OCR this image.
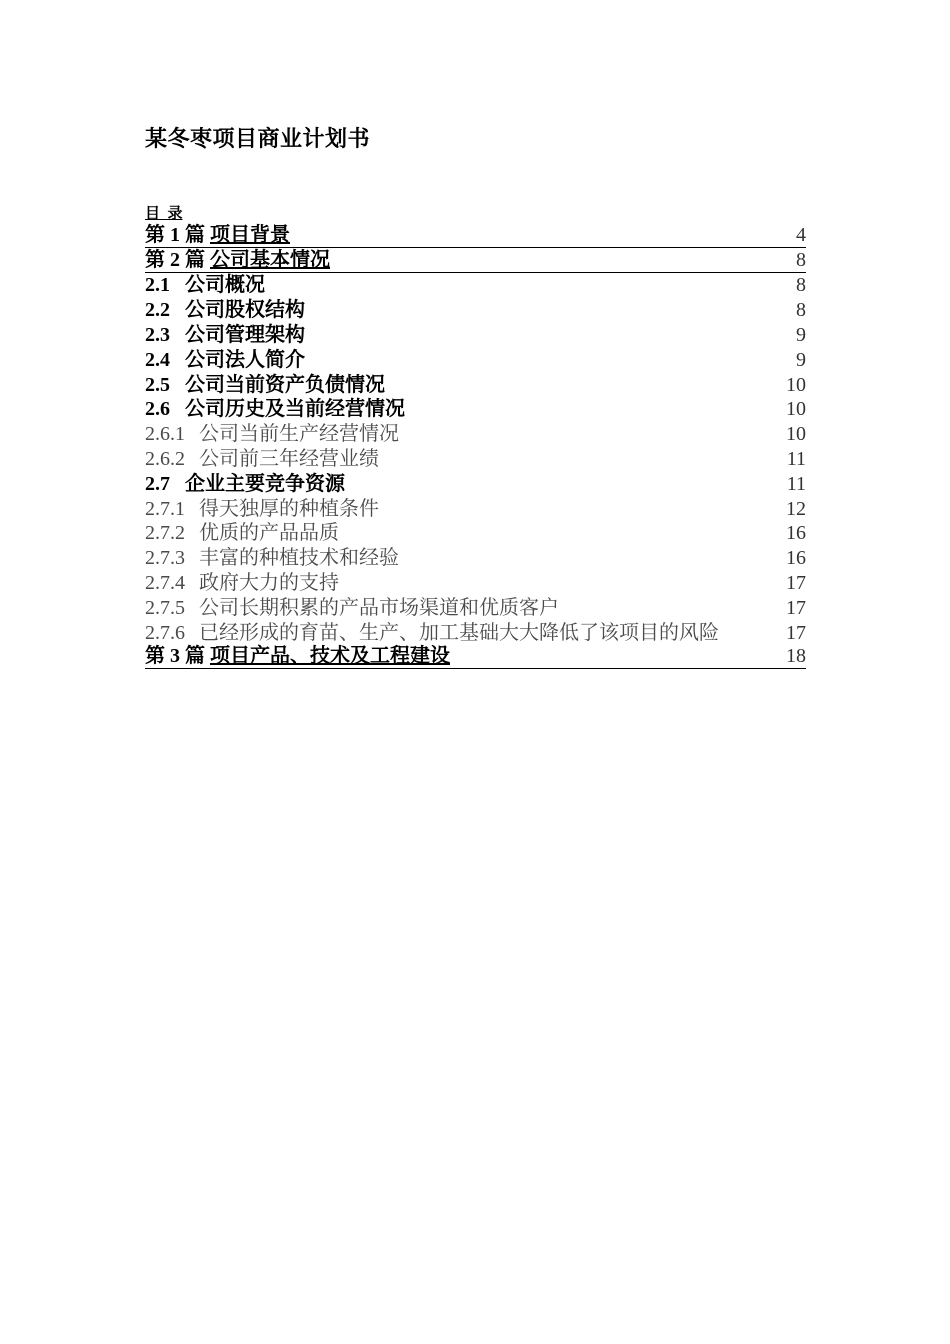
某冬枣项目商业计划书
目  录
第 1 篇 项目背景	4
第 2 篇 公司基本情况	8
2.1 公司概况	8
2.2 公司股权结构	8
2.3 公司管理架构	9
2.4 公司法人简介	9
2.5 公司当前资产负债情况	10
2.6 公司历史及当前经营情况	10
2.6.1 公司当前生产经营情况	10
2.6.2 公司前三年经营业绩	11
2.7 企业主要竞争资源	11
2.7.1 得天独厚的种植条件	12
2.7.2 优质的产品品质	16
2.7.3 丰富的种植技术和经验	16
2.7.4 政府大力的支持	17
2.7.5 公司长期积累的产品市场渠道和优质客户	17
2.7.6 已经形成的育苗、生产、加工基础大大降低了该项目的风险	17
第 3 篇 项目产品、技术及工程建设	18
